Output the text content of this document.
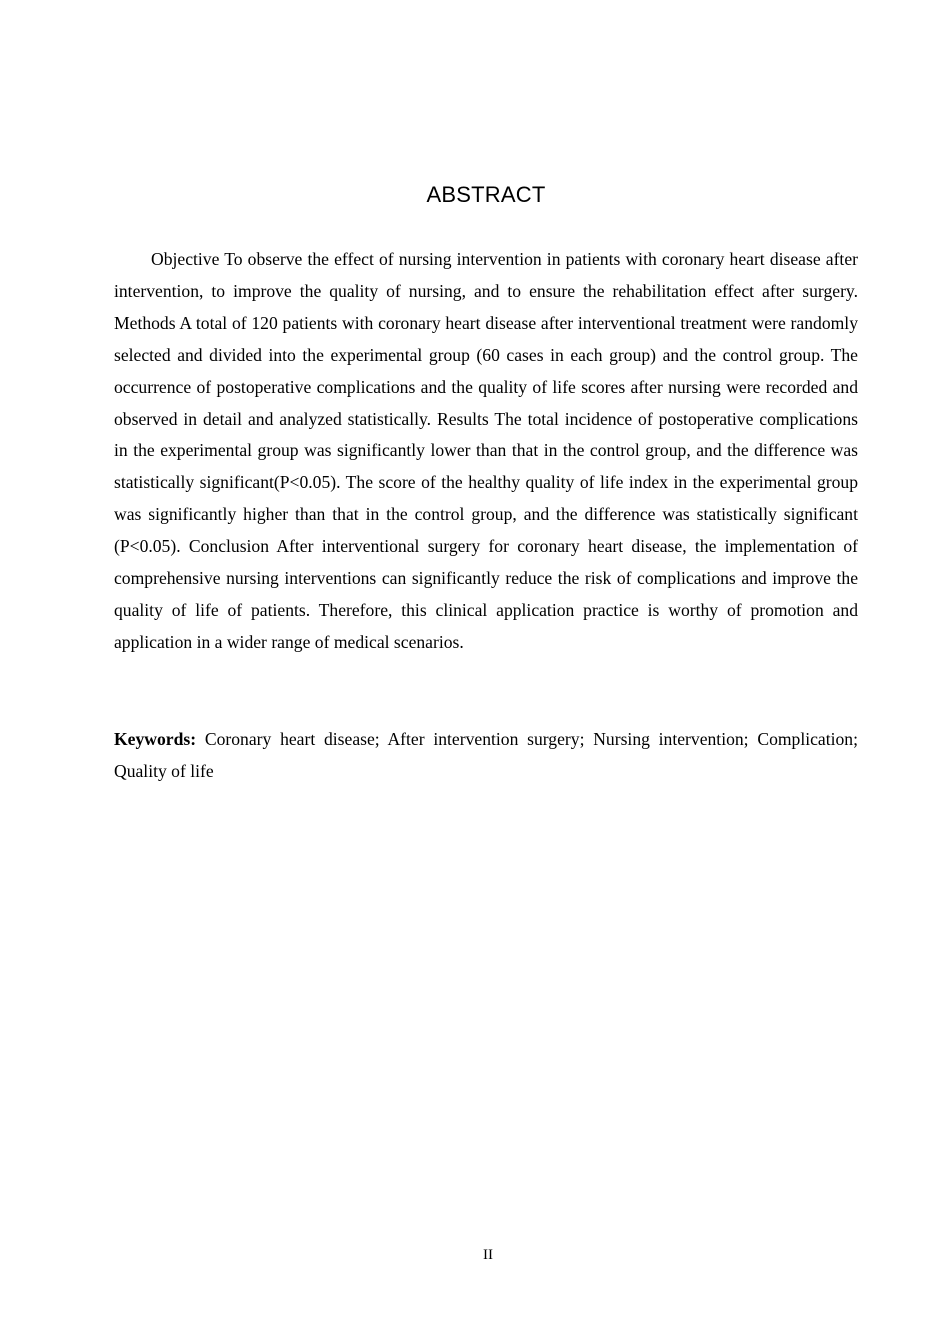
ABSTRACT

Objective To observe the effect of nursing intervention in patients with coronary heart disease after intervention, to improve the quality of nursing, and to ensure the rehabilitation effect after surgery. Methods A total of 120 patients with coronary heart disease after interventional treatment were randomly selected and divided into the experimental group (60 cases in each group) and the control group. The occurrence of postoperative complications and the quality of life scores after nursing were recorded and observed in detail and analyzed statistically. Results The total incidence of postoperative complications in the experimental group was significantly lower than that in the control group, and the difference was statistically significant(P<0.05). The score of the healthy quality of life index in the experimental group was significantly higher than that in the control group, and the difference was statistically significant (P<0.05). Conclusion After interventional surgery for coronary heart disease, the implementation of comprehensive nursing interventions can significantly reduce the risk of complications and improve the quality of life of patients. Therefore, this clinical application practice is worthy of promotion and application in a wider range of medical scenarios.

Keywords: Coronary heart disease; After intervention surgery; Nursing intervention; Complication; Quality of life

II
